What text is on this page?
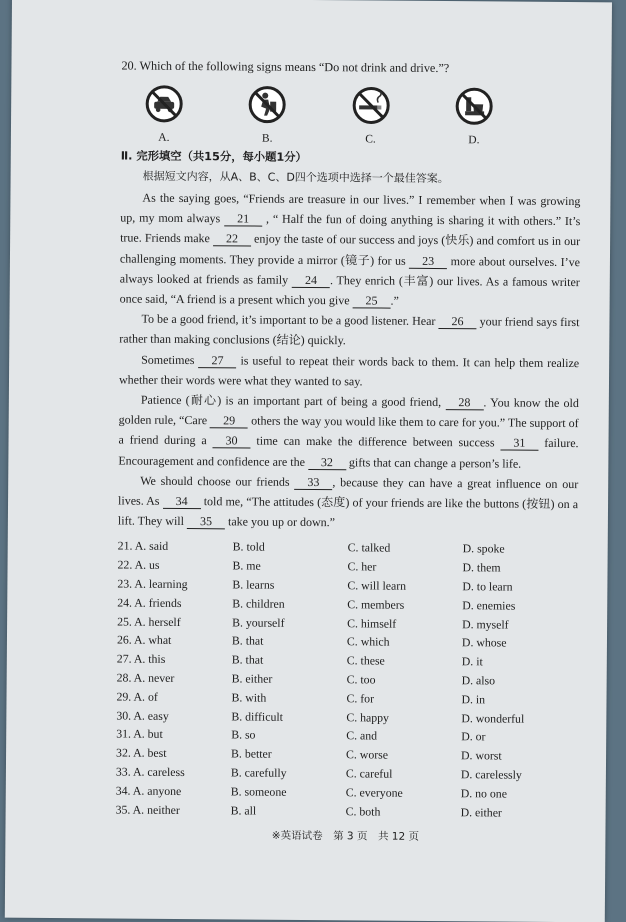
20. Which of the following signs means “Do not drink and drive.”?
A.	B.	C.	D.
Ⅱ. 完形填空（共15分，每小题1分）
根据短文内容，从A、B、C、D四个选项中选择一个最佳答案。

As the saying goes, “Friends are treasure in our lives.” I remember when I was growing up, my mom always 21 , “ Half the fun of doing anything is sharing it with others.” It’s true. Friends make 22 enjoy the taste of our success and joys (快乐) and comfort us in our challenging moments. They provide a mirror (镜子) for us 23 more about ourselves. I’ve always looked at friends as family 24 . They enrich (丰富) our lives. As a famous writer once said, “A friend is a present which you give 25 .”

To be a good friend, it’s important to be a good listener. Hear 26 your friend says first rather than making conclusions (结论) quickly.

Sometimes 27 is useful to repeat their words back to them. It can help them realize whether their words were what they wanted to say.

Patience (耐心) is an important part of being a good friend, 28 . You know the old golden rule, “Care 29 others the way you would like them to care for you.” The support of a friend during a 30 time can make the difference between success 31 failure. Encouragement and confidence are the 32 gifts that can change a person’s life.

We should choose our friends 33 , because they can have a great influence on our lives. As 34 told me, “The attitudes (态度) of your friends are like the buttons (按钮) on a lift. They will 35 take you up or down.”

21. A. said	B. told	C. talked	D. spoke
22. A. us	B. me	C. her	D. them
23. A. learning	B. learns	C. will learn	D. to learn
24. A. friends	B. children	C. members	D. enemies
25. A. herself	B. yourself	C. himself	D. myself
26. A. what	B. that	C. which	D. whose
27. A. this	B. that	C. these	D. it
28. A. never	B. either	C. too	D. also
29. A. of	B. with	C. for	D. in
30. A. easy	B. difficult	C. happy	D. wonderful
31. A. but	B. so	C. and	D. or
32. A. best	B. better	C. worse	D. worst
33. A. careless	B. carefully	C. careful	D. carelessly
34. A. anyone	B. someone	C. everyone	D. no one
35. A. neither	B. all	C. both	D. either
※英语试卷　第 3 页　共 12 页
